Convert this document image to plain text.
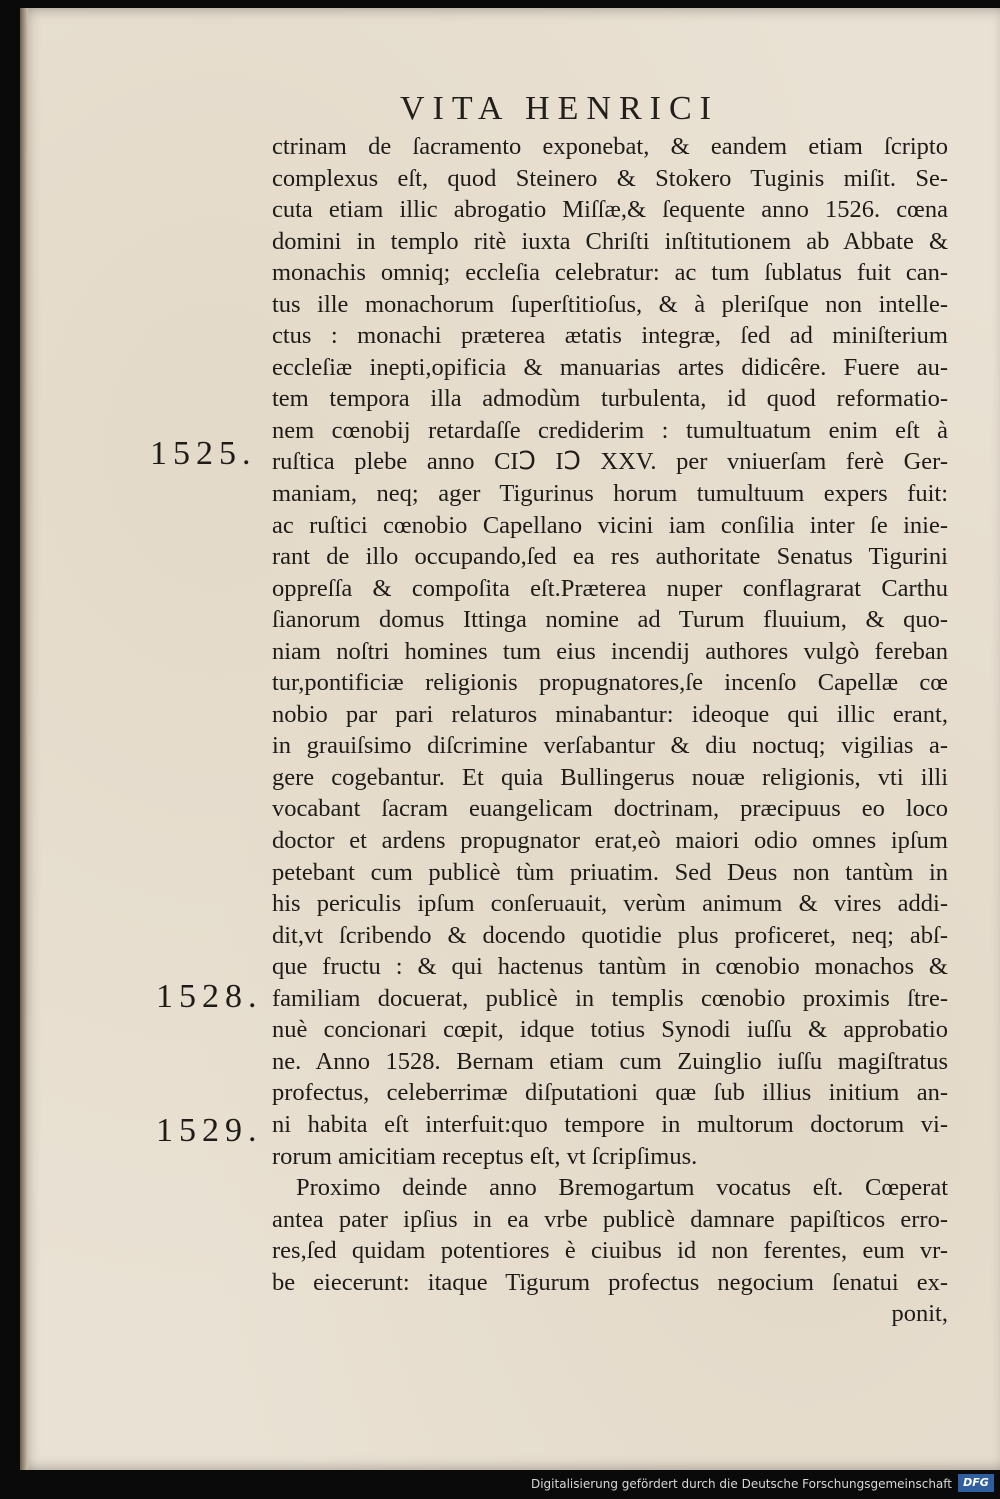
VITA HENRICI
1525.
1528.
1529.
ctrinam de ſacramento exponebat, & eandem etiam ſcripto
complexus eſt, quod Steinero & Stokero Tuginis miſit. Se-
cuta etiam illic abrogatio Miſſæ,& ſequente anno 1526. cœna
domini in templo ritè iuxta Chriſti inſtitutionem ab Abbate &
monachis omniq; eccleſia celebratur: ac tum ſublatus fuit can-
tus ille monachorum ſuperſtitioſus, & à pleriſque non intelle-
ctus : monachi præterea ætatis integræ, ſed ad miniſterium
eccleſiæ inepti,opificia & manuarias artes didicêre. Fuere au-
tem tempora illa admodùm turbulenta, id quod reformatio-
nem cœnobij retardaſſe crediderim : tumultuatum enim eſt à
ruſtica plebe anno CIↃ IↃ XXV. per vniuerſam ferè Ger-
maniam, neq; ager Tigurinus horum tumultuum expers fuit:
ac ruſtici cœnobio Capellano vicini iam conſilia inter ſe inie-
rant de illo occupando,ſed ea res authoritate Senatus Tigurini
oppreſſa & compoſita eſt.Præterea nuper conflagrarat Carthu
ſianorum domus Ittinga nomine ad Turum fluuium, & quo-
niam noſtri homines tum eius incendij authores vulgò fereban
tur,pontificiæ religionis propugnatores,ſe incenſo Capellæ cœ
nobio par pari relaturos minabantur: ideoque qui illic erant,
in grauiſsimo diſcrimine verſabantur & diu noctuq; vigilias a-
gere cogebantur. Et quia Bullingerus nouæ religionis, vti illi
vocabant ſacram euangelicam doctrinam, præcipuus eo loco
doctor et ardens propugnator erat,eò maiori odio omnes ipſum
petebant cum publicè tùm priuatim. Sed Deus non tantùm in
his periculis ipſum conſeruauit, verùm animum & vires addi-
dit,vt ſcribendo & docendo quotidie plus proficeret, neq; abſ-
que fructu : & qui hactenus tantùm in cœnobio monachos &
familiam docuerat, publicè in templis cœnobio proximis ſtre-
nuè concionari cœpit, idque totius Synodi iuſſu & approbatio
ne. Anno 1528. Bernam etiam cum Zuinglio iuſſu magiſtratus
profectus, celeberrimæ diſputationi quæ ſub illius initium an-
ni habita eſt interfuit:quo tempore in multorum doctorum vi-
rorum amicitiam receptus eſt, vt ſcripſimus.
Proximo deinde anno Bremogartum vocatus eſt. Cœperat
antea pater ipſius in ea vrbe publicè damnare papiſticos erro-
res,ſed quidam potentiores è ciuibus id non ferentes, eum vr-
be eiecerunt: itaque Tigurum profectus negocium ſenatui ex-
ponit,
Digitalisierung gefördert durch die Deutsche Forschungsgemeinschaft	DFG
